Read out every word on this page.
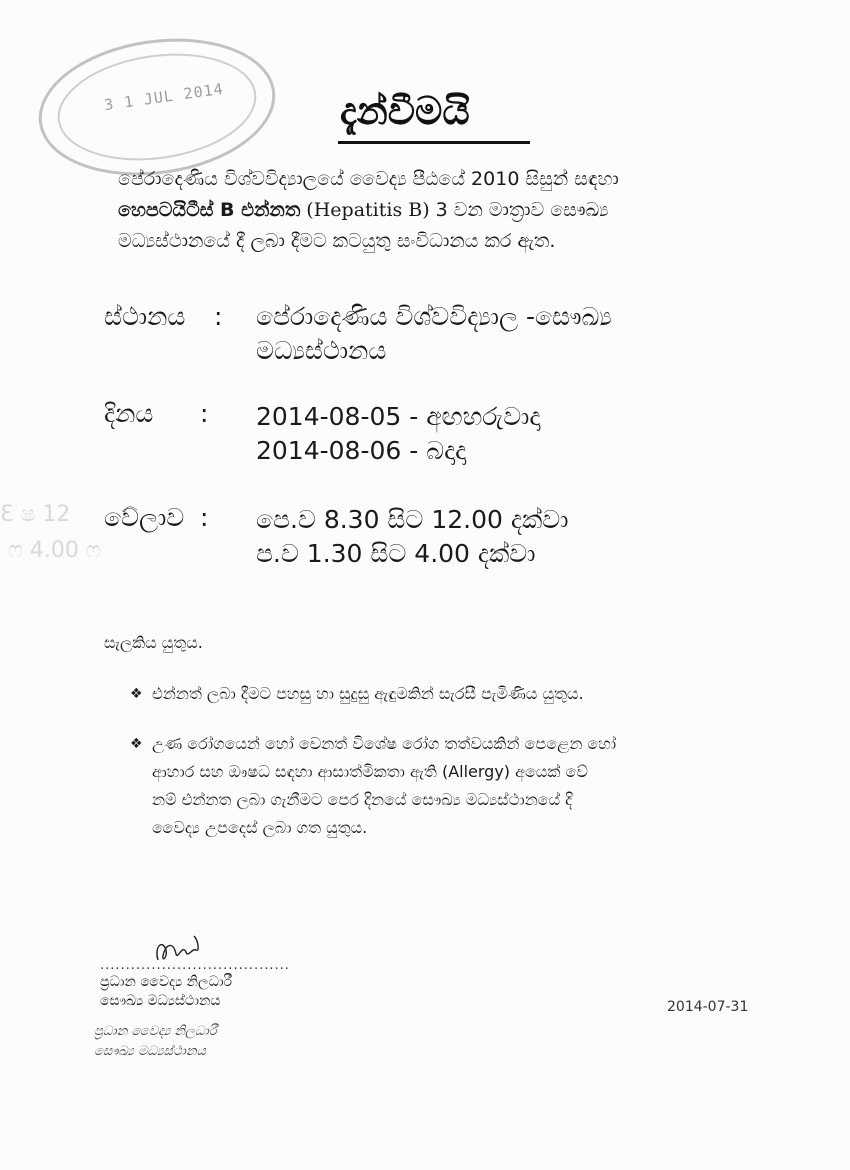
3 1 JUL 2014
Ԑ ෂ 12
ෆ 4.00 ෆ
දැන්වීමයි
පේරාදෙණිය විශ්වවිද්‍යාලයේ වෛද්‍ය පීඨයේ 2010 සිසුන් සඳහා
හෙපටයිටීස් B එන්නත (Hepatitis B) 3 වන මාත්‍රාව සෞඛ්‍ය
මධ්‍යස්ථානයේ දී ලබා දීමට කටයුතු සංවිධානය කර ඇත.
ස්ථානය : පේරාදෙණිය විශ්වවිද්‍යාල -සෞඛ්‍ය
මධ්‍යස්ථානය
දිනය : 2014-08-05 - අඟහරුවාදා
2014-08-06 - බදාදා
වේලාව : පෙ.ව 8.30 සිට 12.00 දක්වා
ප.ව 1.30 සිට 4.00 දක්වා
සැලකිය යුතුය.
❖ එන්නත් ලබා දීමට පහසු හා සුදුසු ඇඳුමකින් සැරසී පැමිණිය යුතුය.
❖ උණ රෝගයෙන් හෝ වෙනත් විශේෂ රෝග තත්වයකින් පෙළෙන හෝ
ආහාර සහ ඖෂධ සඳහා ආසාත්මිකතා ඇති (Allergy) අයෙක් වේ
නම් එන්නත ලබා ගැනීමට පෙර දිනයේ සෞඛ්‍ය මධ්‍යස්ථානයේ දි
වෛද්‍ය උපදෙස් ලබා ගත යුතුය.
.....................................
ප්‍රධාන වෛද්‍ය නිලධාරී
සෞඛ්‍ය මධ්‍යස්ථානය	2014-07-31
ප්‍රධාන වෛද්‍ය නිලධාරී
සෞඛ්‍ය මධ්‍යස්ථානය
